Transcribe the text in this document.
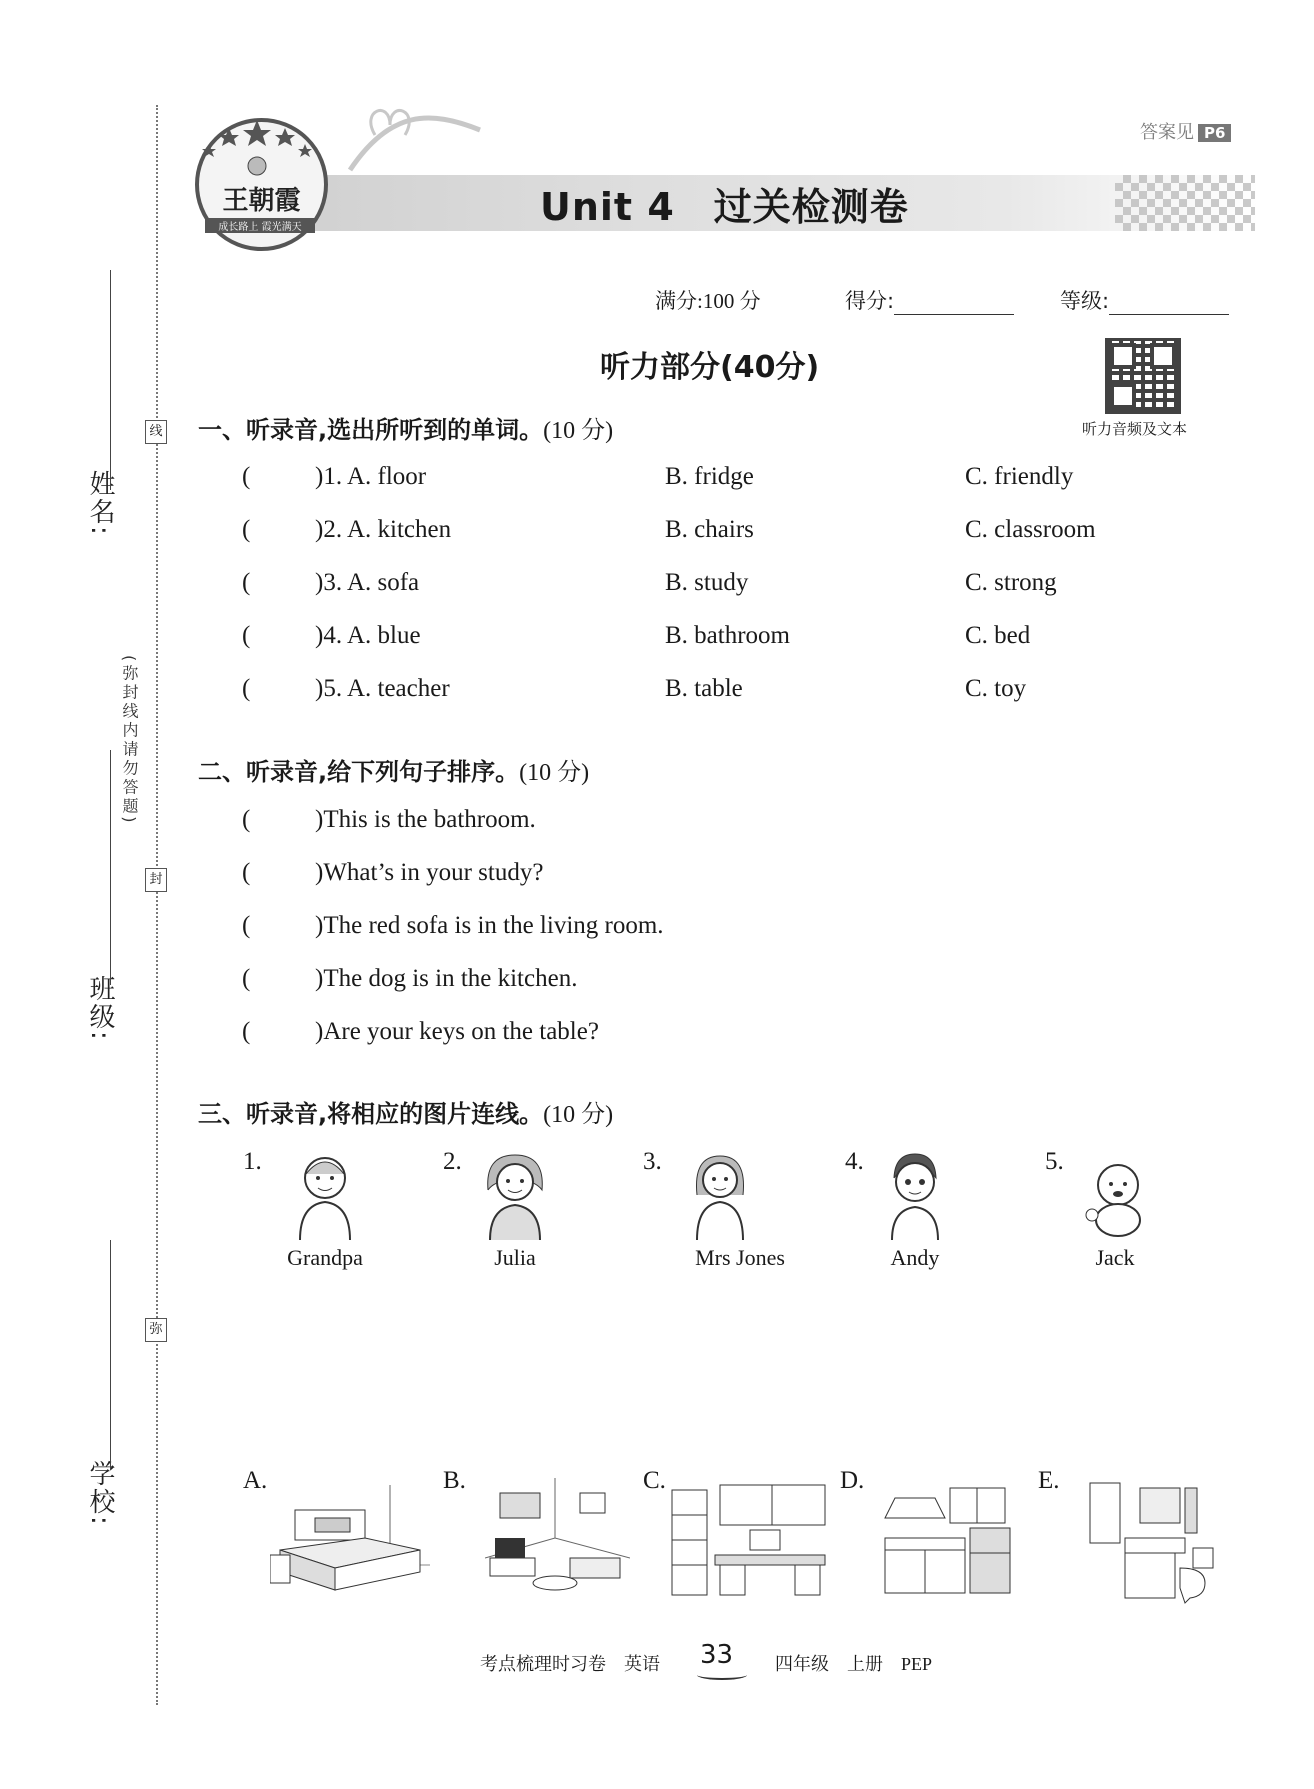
姓名:
班级:
学校:
(弥封线内请勿答题)
线
封
弥
王朝霞
成长路上 霞光满天	Unit 4　过关检测卷
答案见 P6
满分:100 分	得分:	等级:
听力部分(40分)
听力音频及文本
一、听录音,选出所听到的单词。(10 分)
(	)1. A. floor	B. fridge	C. friendly
(	)2. A. kitchen	B. chairs	C. classroom
(	)3. A. sofa	B. study	C. strong
(	)4. A. blue	B. bathroom	C. bed
(	)5. A. teacher	B. table	C. toy
二、听录音,给下列句子排序。(10 分)
(	)This is the bathroom.
(	)What’s in your study?
(	)The red sofa is in the living room.
(	)The dog is in the kitchen.
(	)Are your keys on the table?
三、听录音,将相应的图片连线。(10 分)
1.
Grandpa
2.
Julia
3.
Mrs Jones
4.
Andy
5.
Jack
A.	B.	C.	D.	E.
考点梳理时习卷　英语 33 四年级　上册　PEP
